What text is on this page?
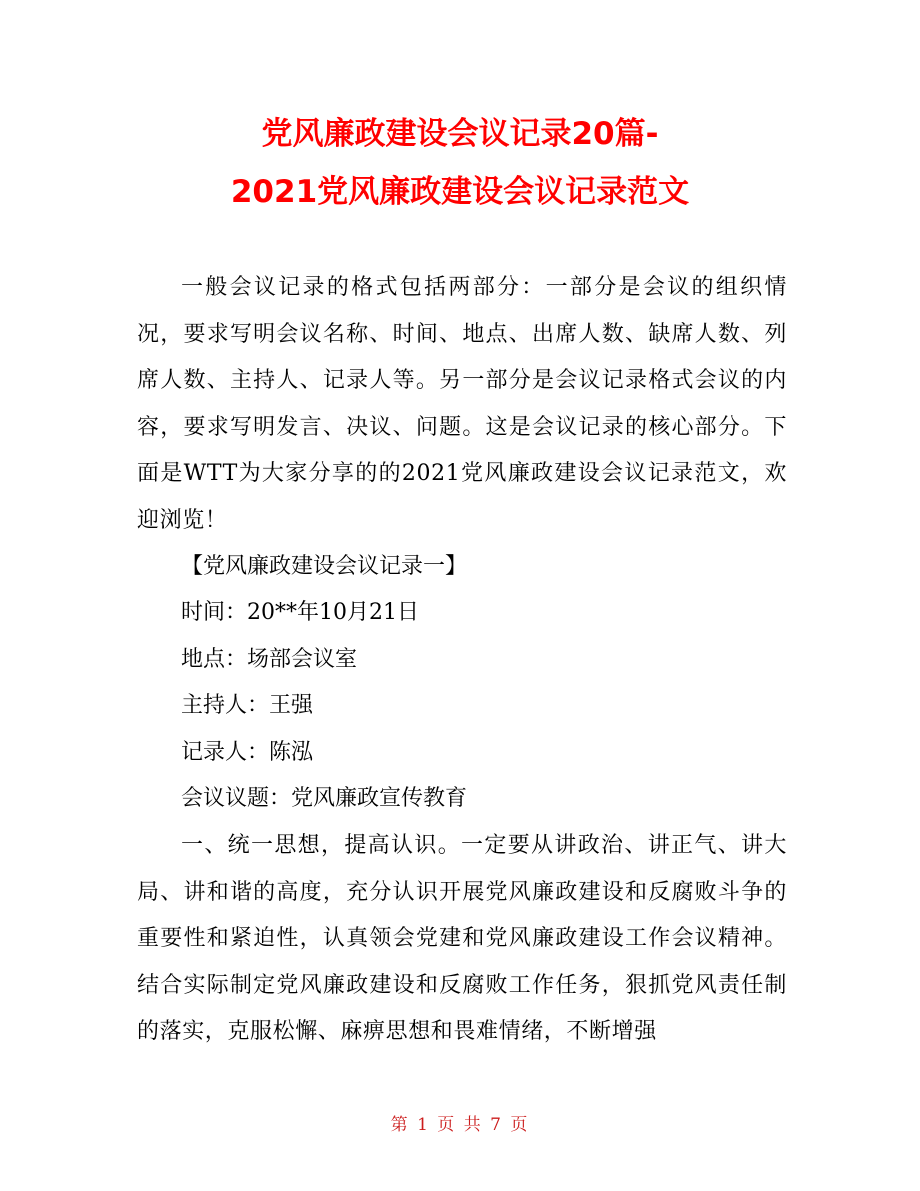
党风廉政建设会议记录20篇-
2021党风廉政建设会议记录范文

一般会议记录的格式包括两部分：一部分是会议的组织情况，要求写明会议名称、时间、地点、出席人数、缺席人数、列席人数、主持人、记录人等。另一部分是会议记录格式会议的内容，要求写明发言、决议、问题。这是会议记录的核心部分。下面是WTT为大家分享的的2021党风廉政建设会议记录范文，欢迎浏览！

【党风廉政建设会议记录一】

时间：20**年10月21日

地点：场部会议室

主持人：王强

记录人：陈泓

会议议题：党风廉政宣传教育

一、统一思想，提高认识。一定要从讲政治、讲正气、讲大局、讲和谐的高度，充分认识开展党风廉政建设和反腐败斗争的重要性和紧迫性，认真领会党建和党风廉政建设工作会议精神。结合实际制定党风廉政建设和反腐败工作任务，狠抓党风责任制的落实，克服松懈、麻痹思想和畏难情绪，不断增强

第 1 页 共 7 页
